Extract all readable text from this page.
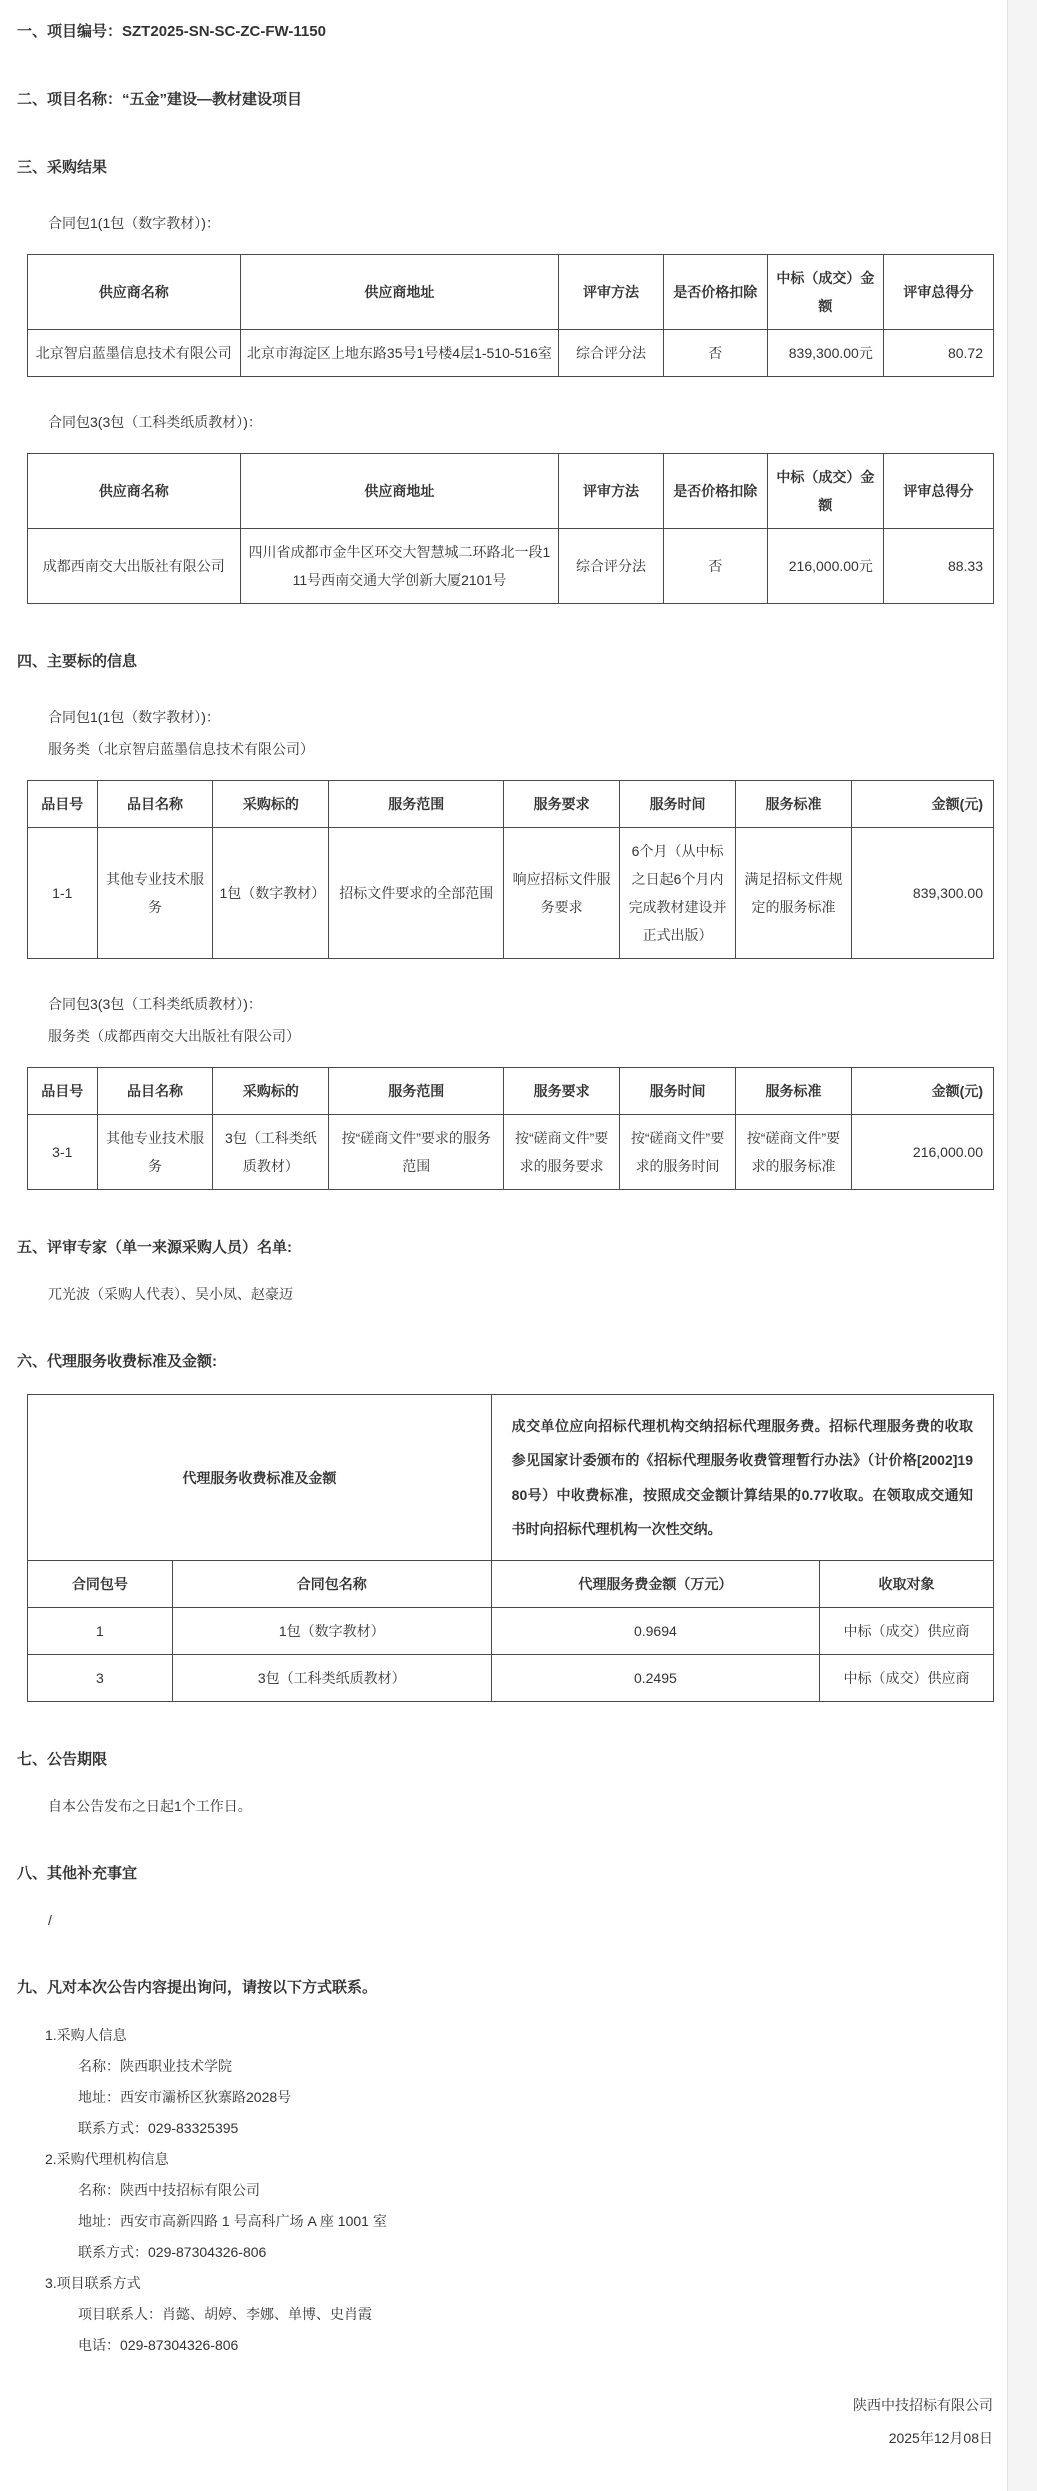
一、项目编号：SZT2025-SN-SC-ZC-FW-1150
二、项目名称：“五金”建设—教材建设项目
三、采购结果
合同包1(1包（数字教材）)：
供应商名称	供应商地址	评审方法	是否价格扣除	中标（成交）金额	评审总得分
北京智启蓝墨信息技术有限公司	北京市海淀区上地东路35号1号楼4层1-510-516室	综合评分法	否	839,300.00元	80.72
合同包3(3包（工科类纸质教材）)：
供应商名称	供应商地址	评审方法	是否价格扣除	中标（成交）金额	评审总得分
成都西南交大出版社有限公司	四川省成都市金牛区环交大智慧城二环路北一段111号西南交通大学创新大厦2101号	综合评分法	否	216,000.00元	88.33
四、主要标的信息
合同包1(1包（数字教材）)：
服务类（北京智启蓝墨信息技术有限公司）
品目号	品目名称	采购标的	服务范围	服务要求	服务时间	服务标准	金额(元)
1-1	其他专业技术服务	1包（数字教材）	招标文件要求的全部范围	响应招标文件服务要求	6个月（从中标之日起6个月内完成教材建设并正式出版）	满足招标文件规定的服务标准	839,300.00
合同包3(3包（工科类纸质教材）)：
服务类（成都西南交大出版社有限公司）
品目号	品目名称	采购标的	服务范围	服务要求	服务时间	服务标准	金额(元)
3-1	其他专业技术服务	3包（工科类纸质教材）	按“磋商文件”要求的服务范围	按“磋商文件”要求的服务要求	按“磋商文件”要求的服务时间	按“磋商文件”要求的服务标准	216,000.00
五、评审专家（单一来源采购人员）名单:
兀光波（采购人代表）、吴小凤、赵豪迈
六、代理服务收费标准及金额:
代理服务收费标准及金额		成交单位应向招标代理机构交纳招标代理服务费。招标代理服务费的收取参见国家计委颁布的《招标代理服务收费管理暂行办法》（计价格[2002]1980号）中收费标准，按照成交金额计算结果的0.77收取。在领取成交通知书时向招标代理机构一次性交纳。	
合同包号	合同包名称	代理服务费金额（万元）	收取对象
1	1包（数字教材）	0.9694	中标（成交）供应商
3	3包（工科类纸质教材）	0.2495	中标（成交）供应商
七、公告期限
自本公告发布之日起1个工作日。
八、其他补充事宜
/
九、凡对本次公告内容提出询问，请按以下方式联系。
1.采购人信息
名称：陕西职业技术学院
地址：西安市灞桥区狄寨路2028号
联系方式：029-83325395
2.采购代理机构信息
名称：陕西中技招标有限公司
地址：西安市高新四路 1 号高科广场 A 座 1001 室
联系方式：029-87304326-806
3.项目联系方式
项目联系人：肖懿、胡婷、李娜、单博、史肖霞
电话：029-87304326-806
陕西中技招标有限公司
2025年12月08日
